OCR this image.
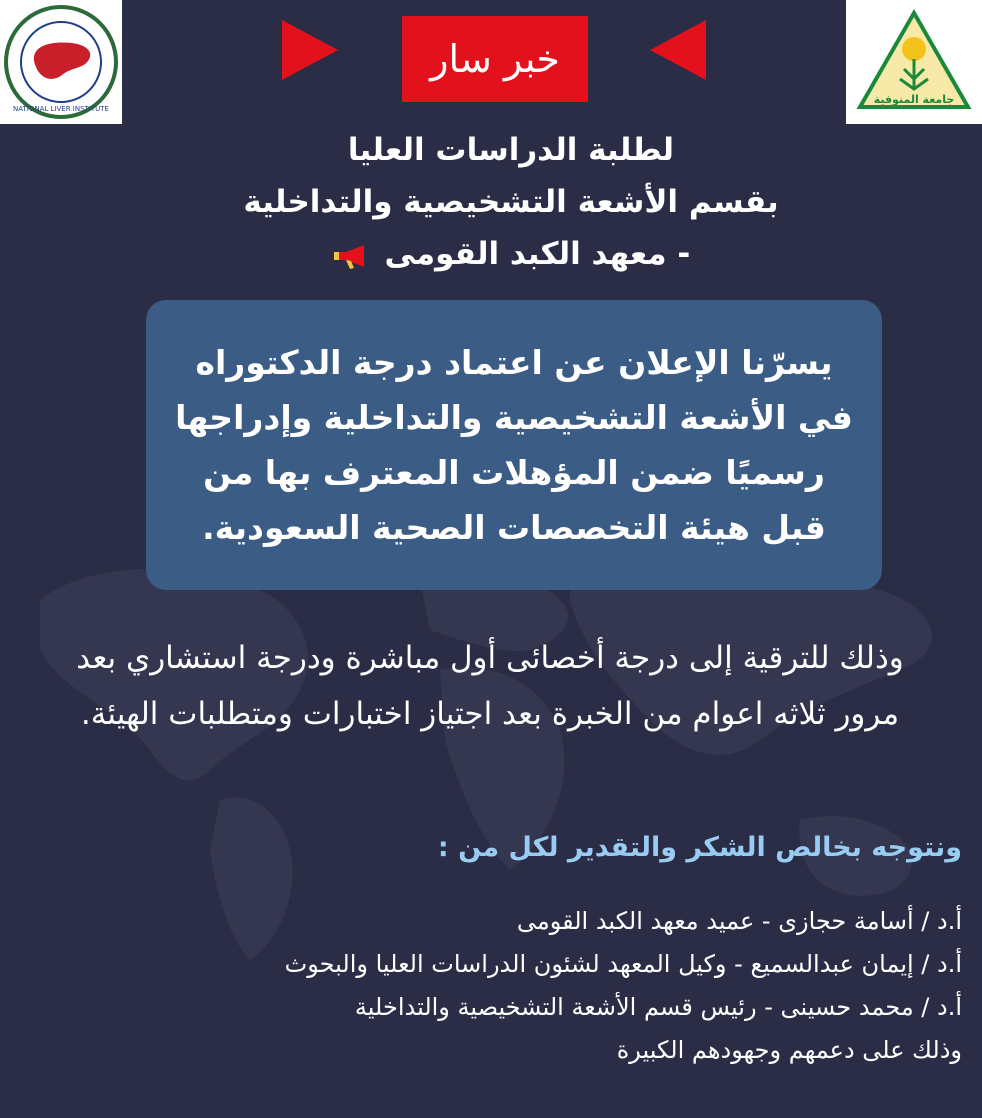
NATIONAL LIVER INSTITUTE
جامعة المنوفية
خبر سار
لطلبة الدراسات العليا
بقسم الأشعة التشخيصية والتداخلية
- معهد الكبد القومى
يسرّنا الإعلان عن اعتماد درجة الدكتوراه في الأشعة التشخيصية والتداخلية وإدراجها رسميًا ضمن المؤهلات المعترف بها من قبل هيئة التخصصات الصحية السعودية.
وذلك للترقية إلى درجة أخصائى أول مباشرة ودرجة استشاري بعد مرور ثلاثه اعوام من الخبرة بعد اجتياز اختبارات ومتطلبات الهيئة.
ونتوجه بخالص الشكر والتقدير لكل من :
أ.د / أسامة حجازى - عميد معهد الكبد القومى
أ.د / إيمان عبدالسميع - وكيل المعهد لشئون الدراسات العليا والبحوث
أ.د / محمد حسينى - رئيس قسم الأشعة التشخيصية والتداخلية
وذلك على دعمهم وجهودهم الكبيرة
